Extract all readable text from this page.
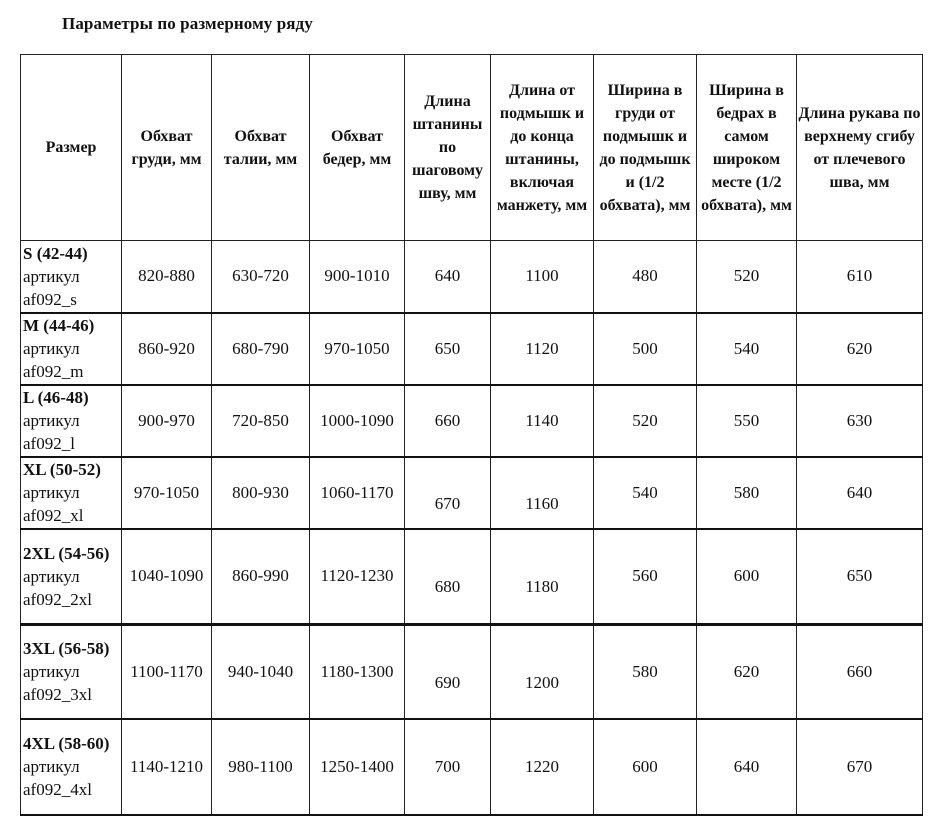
Параметры по размерному ряду
Размер	Обхват груди, мм	Обхват талии, мм	Обхват бедер, мм	Длина штанины по шаговому шву, мм	Длина от подмышк и до конца штанины, включая манжету, мм	Ширина в груди от подмышк и до подмышк и (1/2 обхвата), мм	Ширина в бедрах в самом широком месте (1/2 обхвата), мм	Длина рукава по верхнему сгибу от плечевого шва, мм

S (42-44)
артикул af092_s	820-880	630-720	900-1010	640	1100	480	520	610

M (44-46)
артикул af092_m	860-920	680-790	970-1050	650	1120	500	540	620

L (46-48)
артикул af092_l	900-970	720-850	1000-1090	660	1140	520	550	630

XL (50-52)
артикул af092_xl	970-1050	800-930	1060-1170	670	1160	540	580	640

2XL (54-56)
артикул af092_2xl	1040-1090	860-990	1120-1230	680	1180	560	600	650

3XL (56-58)
артикул af092_3xl	1100-1170	940-1040	1180-1300	690	1200	580	620	660

4XL (58-60)
артикул af092_4xl	1140-1210	980-1100	1250-1400	700	1220	600	640	670
